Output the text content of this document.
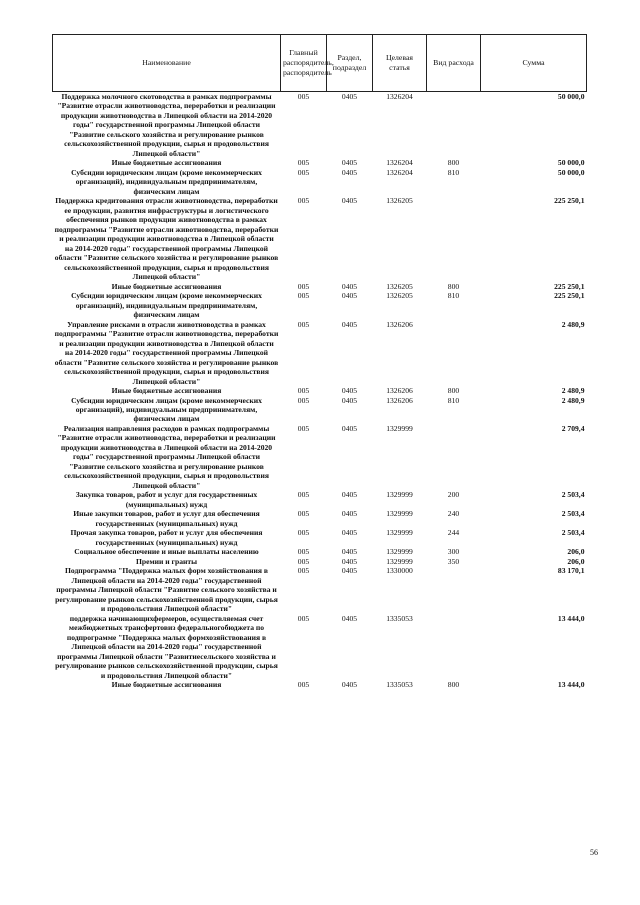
Наименование	Главный распорядитель, распорядитель	Раздел, подраздел	Целевая статья	Вид расхода	Сумма
Поддержка молочного скотоводства в рамках подпрограммы "Развитие отрасли животноводства, переработки и реализации продукции животноводства в Липецкой области на 2014-2020 годы" государственной программы Липецкой области "Развитие сельского хозяйства и регулирование рынков сельскохозяйственной продукции, сырья и продовольствия Липецкой области"	005	0405	1326204		50 000,0
Иные бюджетные ассигнования	005	0405	1326204	800	50 000,0
Субсидии юридическим лицам (кроме некоммерческих организаций), индивидуальным предпринимателям, физическим лицам	005	0405	1326204	810	50 000,0
Поддержка кредитования отрасли животноводства, переработки ее продукции, развития инфраструктуры и логистического обеспечения рынков продукции животноводства в рамках подпрограммы "Развитие отрасли животноводства, переработки и реализации продукции животноводства в Липецкой области на 2014-2020 годы" государственной программы Липецкой области "Развитие сельского хозяйства и регулирование рынков сельскохозяйственной продукции, сырья и продовольствия Липецкой области"	005	0405	1326205		225 250,1
Иные бюджетные ассигнования	005	0405	1326205	800	225 250,1
Субсидии юридическим лицам (кроме некоммерческих организаций), индивидуальным предпринимателям, физическим лицам	005	0405	1326205	810	225 250,1
Управление рисками в отрасли животноводства в рамках подпрограммы "Развитие отрасли животноводства, переработки и реализации продукции животноводства в Липецкой области на 2014-2020 годы" государственной программы Липецкой области "Развитие сельского хозяйства и регулирование рынков сельскохозяйственной продукции, сырья и продовольствия Липецкой области"	005	0405	1326206		2 480,9
Иные бюджетные ассигнования	005	0405	1326206	800	2 480,9
Субсидии юридическим лицам (кроме некоммерческих организаций), индивидуальным предпринимателям, физическим лицам	005	0405	1326206	810	2 480,9
Реализация направления расходов в рамках подпрограммы "Развитие отрасли животноводства, переработки и реализации продукции животноводства в Липецкой области на 2014-2020 годы" государственной программы Липецкой области "Развитие сельского хозяйства и регулирование рынков сельскохозяйственной продукции, сырья и продовольствия Липецкой области"	005	0405	1329999		2 709,4
Закупка товаров, работ и услуг для государственных (муниципальных) нужд	005	0405	1329999	200	2 503,4
Иные закупки товаров, работ и услуг для обеспечения государственных (муниципальных) нужд	005	0405	1329999	240	2 503,4
Прочая закупка товаров, работ и услуг для обеспечения государственных (муниципальных) нужд	005	0405	1329999	244	2 503,4
Социальное обеспечение и иные выплаты населению	005	0405	1329999	300	206,0
Премии и гранты	005	0405	1329999	350	206,0
Подпрограмма "Поддержка малых форм хозяйствования в Липецкой области на 2014-2020 годы" государственной программы Липецкой области "Развитие сельского хозяйства и регулирование рынков сельскохозяйственной продукции, сырья и продовольствия Липецкой области"	005	0405	1330000		83 170,1
поддержка начинающихфермеров, осуществляемая счет межбюджетных трансфертовиз федеральногобюджета по подпрограмме "Поддержка малых формхозяйствования в Липецкой области на 2014-2020 годы" государственной программы Липецкой области "Развитиесельского хозяйства и регулирование рынков сельскохозяйственной продукции, сырья и продовольствия Липецкой области"	005	0405	1335053		13 444,0
Иные бюджетные ассигнования	005	0405	1335053	800	13 444,0
56
